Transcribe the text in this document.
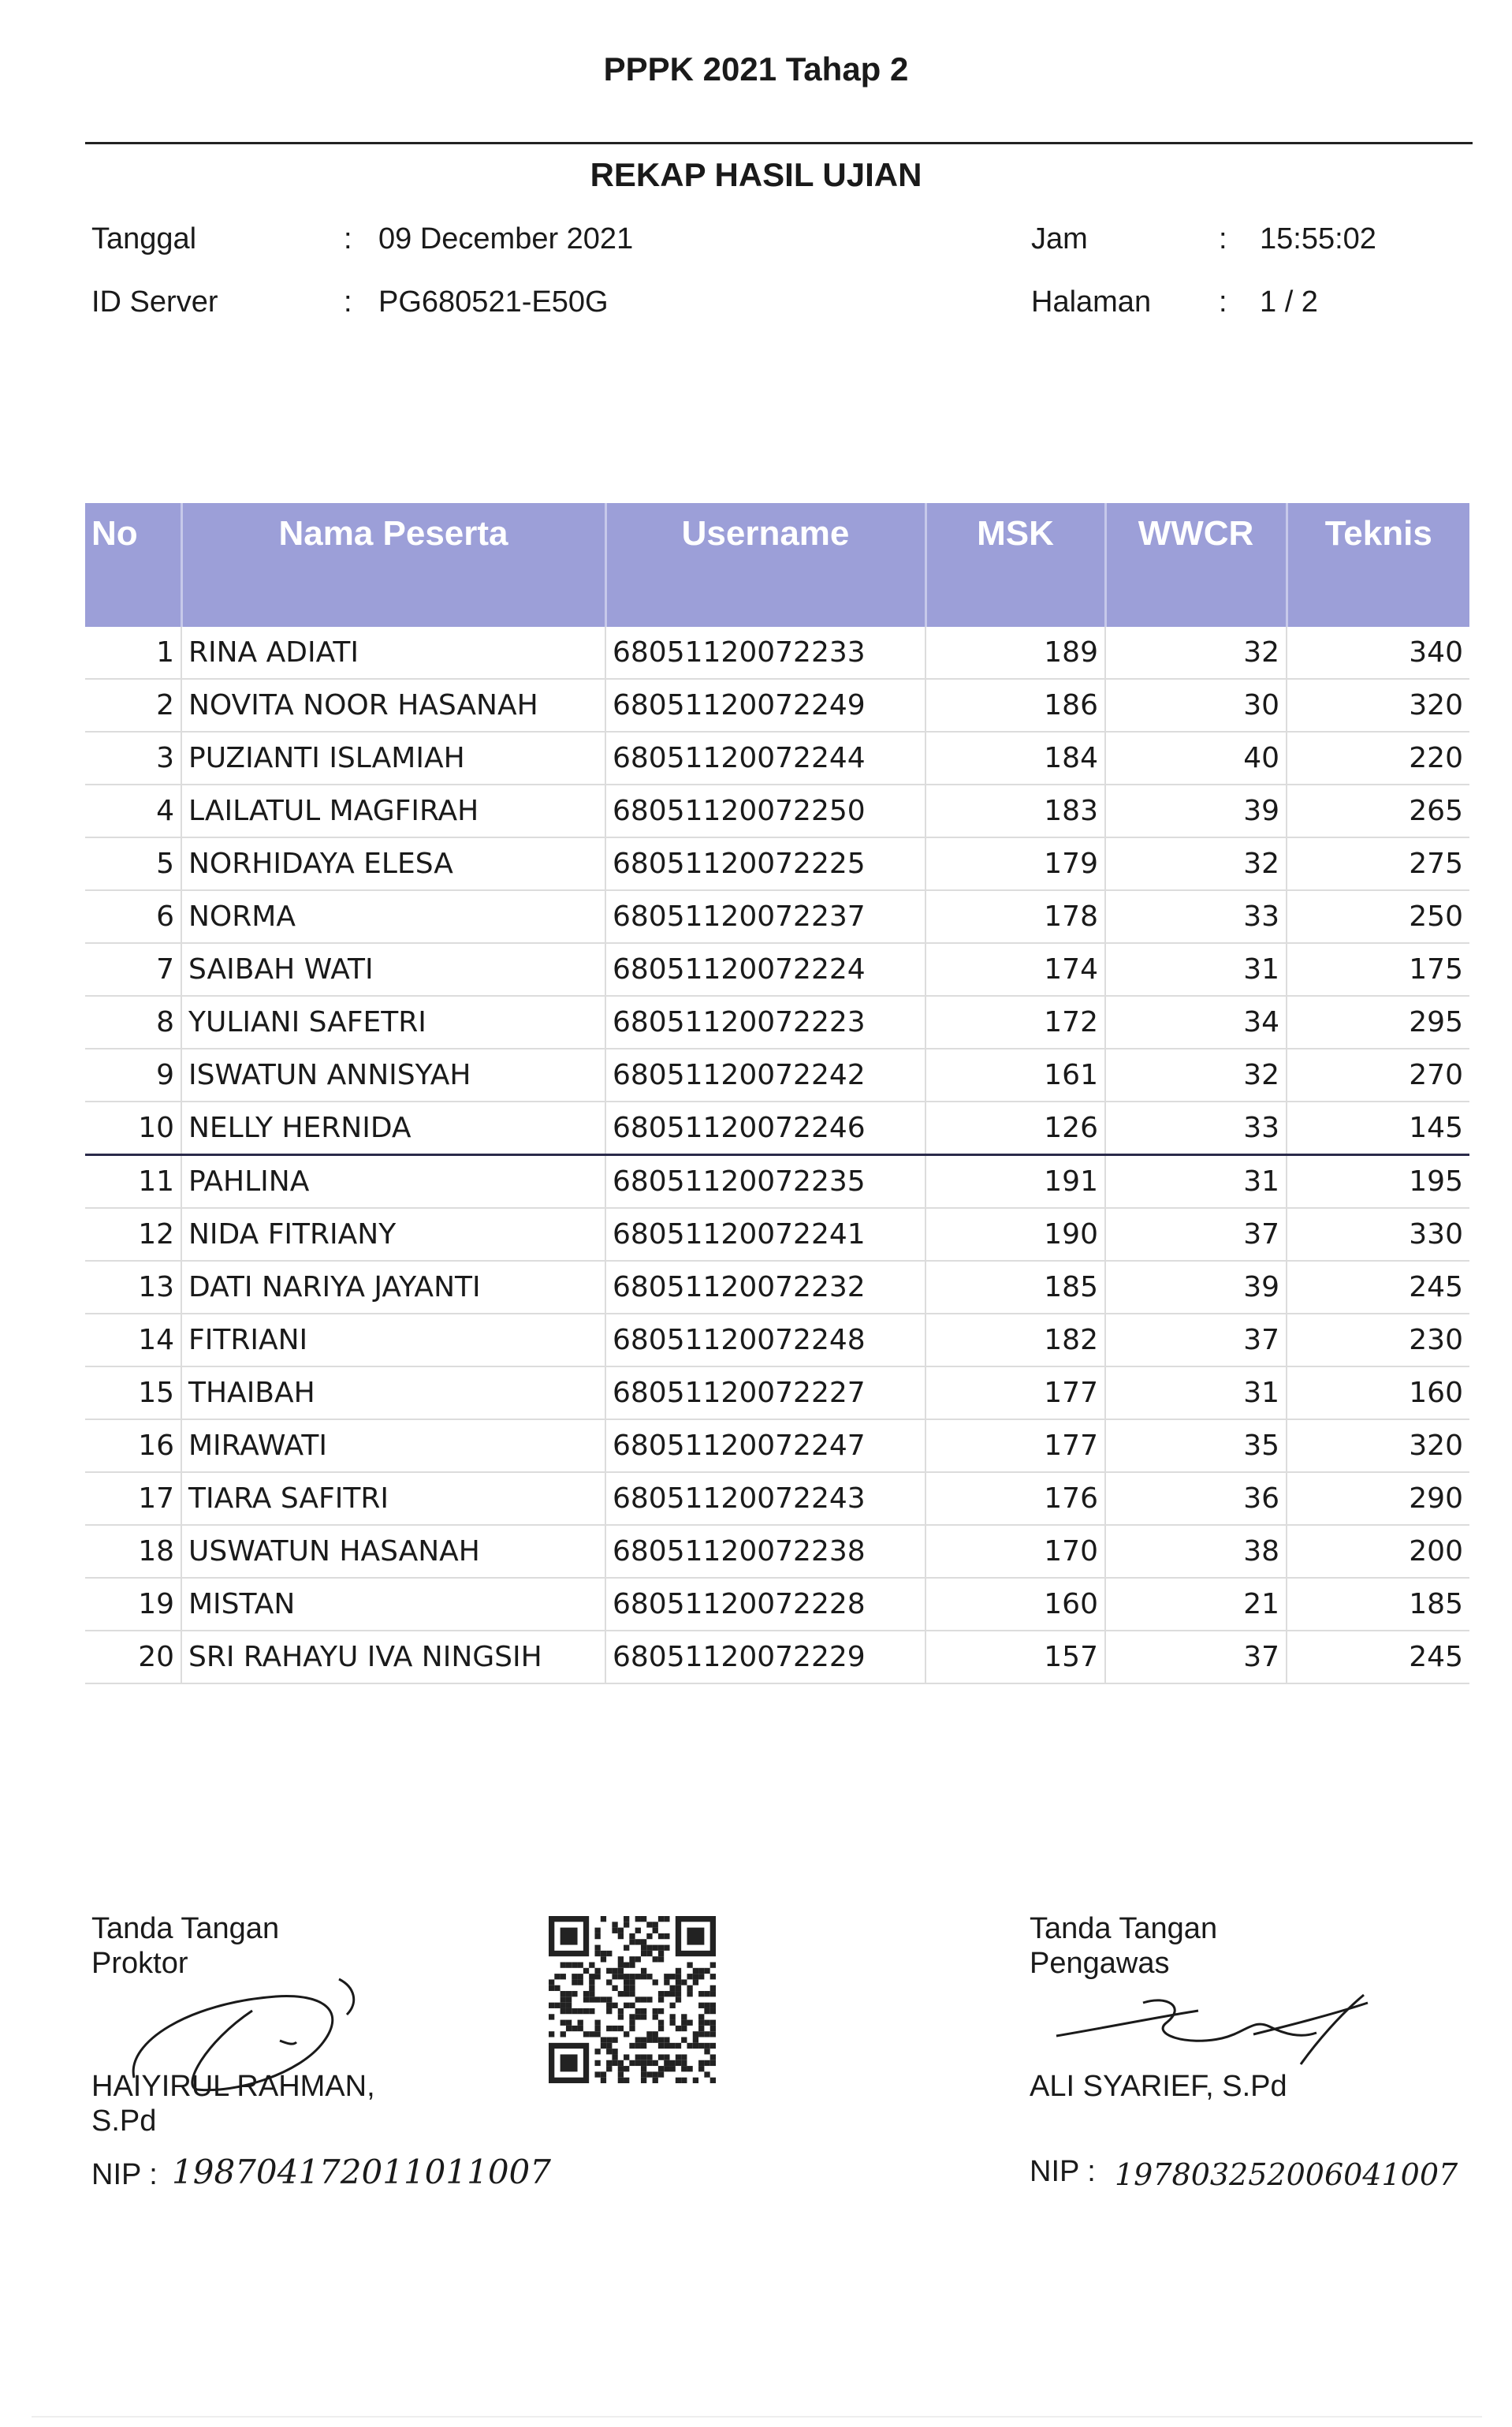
PPPK 2021 Tahap 2
REKAP HASIL UJIAN
Tanggal	: 09 December 2021
ID Server	: PG680521-E50G
Jam	: 15:55:02
Halaman : 1 / 2
No	Nama Peserta	Username	MSK	WWCR	Teknis
1	RINA ADIATI	68051120072233	189	32	340
2	NOVITA NOOR HASANAH	68051120072249	186	30	320
3	PUZIANTI ISLAMIAH	68051120072244	184	40	220
4	LAILATUL MAGFIRAH	68051120072250	183	39	265
5	NORHIDAYA ELESA	68051120072225	179	32	275
6	NORMA	68051120072237	178	33	250
7	SAIBAH WATI	68051120072224	174	31	175
8	YULIANI SAFETRI	68051120072223	172	34	295
9	ISWATUN ANNISYAH	68051120072242	161	32	270
10	NELLY HERNIDA	68051120072246	126	33	145
11	PAHLINA	68051120072235	191	31	195
12	NIDA FITRIANY	68051120072241	190	37	330
13	DATI NARIYA JAYANTI	68051120072232	185	39	245
14	FITRIANI	68051120072248	182	37	230
15	THAIBAH	68051120072227	177	31	160
16	MIRAWATI	68051120072247	177	35	320
17	TIARA SAFITRI	68051120072243	176	36	290
18	USWATUN HASANAH	68051120072238	170	38	200
19	MISTAN	68051120072228	160	21	185
20	SRI RAHAYU IVA NINGSIH	68051120072229	157	37	245
Tanda Tangan
Proktor
HAIYIRUL RAHMAN,
S.Pd
NIP : 198704172011011007
Tanda Tangan
Pengawas
ALI SYARIEF, S.Pd
NIP : 197803252006041007
